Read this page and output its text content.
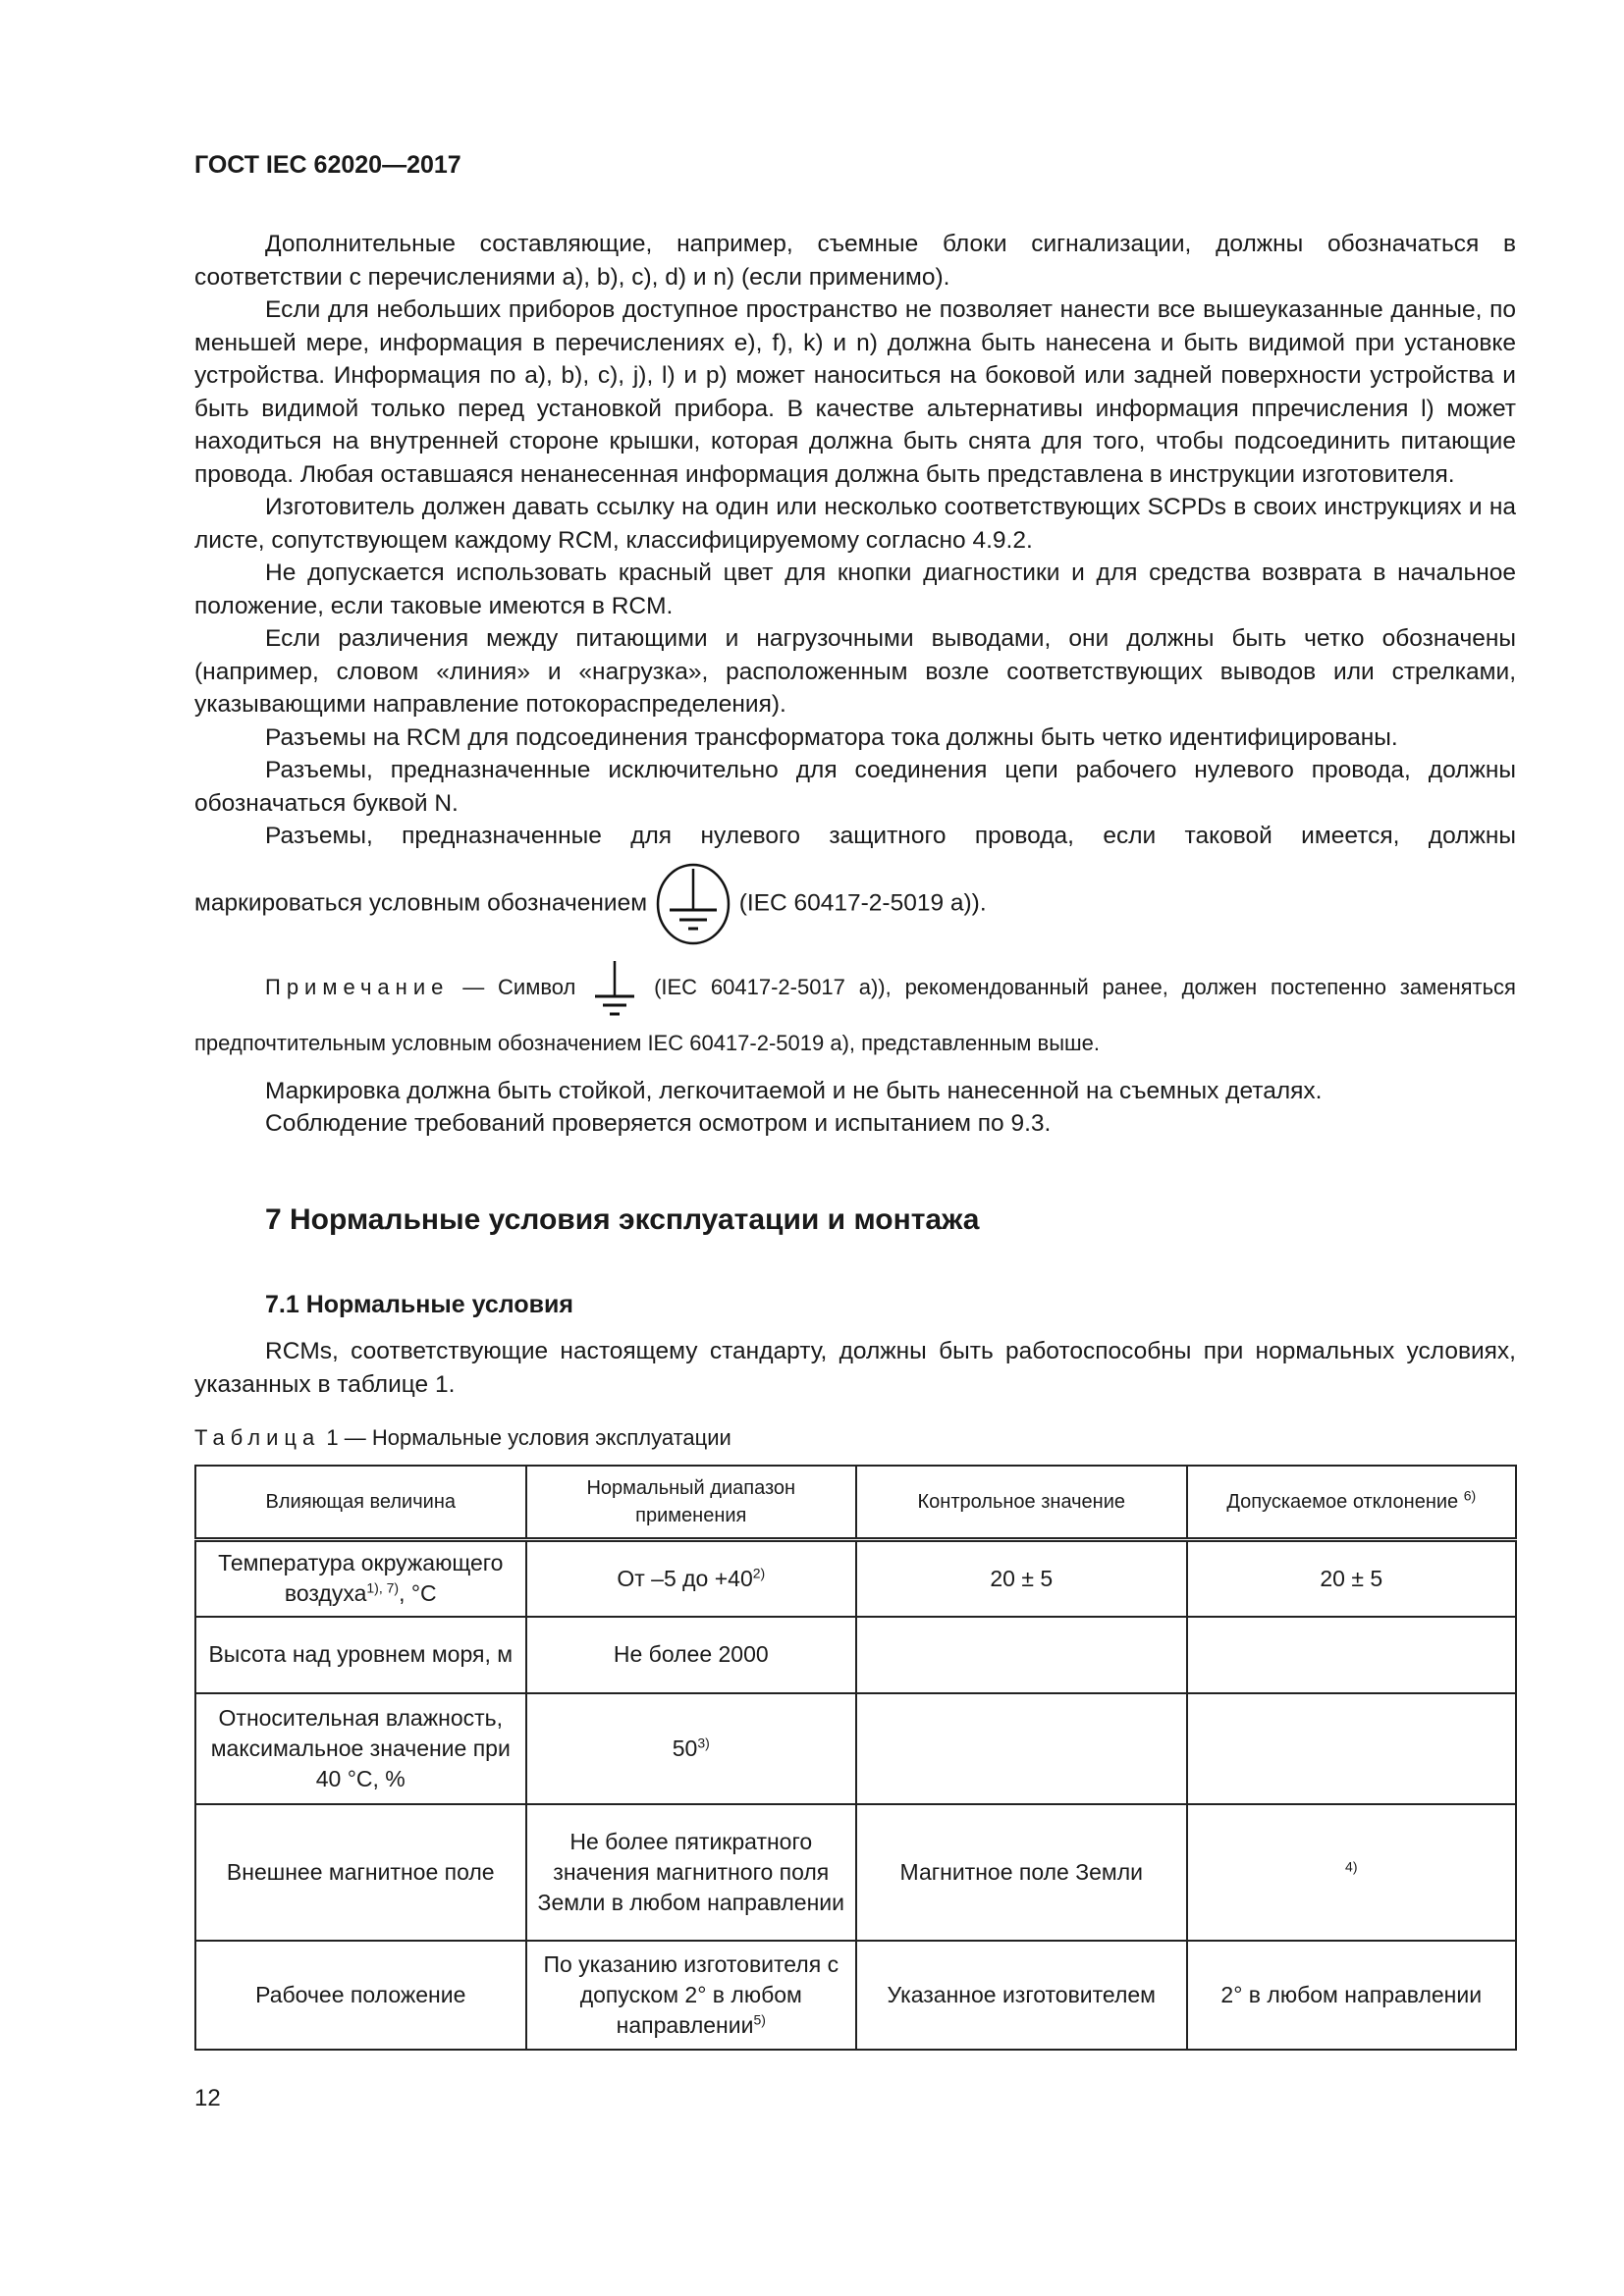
ГОСТ IEC 62020—2017

Дополнительные составляющие, например, съемные блоки сигнализации, должны обозначаться в соответствии с перечислениями a), b), c), d) и n) (если применимо).

Если для небольших приборов доступное пространство не позволяет нанести все вышеуказанные данные, по меньшей мере, информация в перечислениях e), f), k) и n) должна быть нанесена и быть видимой при установке устройства. Информация по a), b), c), j), l) и p) может наноситься на боковой или задней поверхности устройства и быть видимой только перед установкой прибора. В качестве альтернативы информация ппречисления l) может находиться на внутренней стороне крышки, которая должна быть снята для того, чтобы подсоединить питающие провода. Любая оставшаяся ненанесенная информация должна быть представлена в инструкции изготовителя.

Изготовитель должен давать ссылку на один или несколько соответствующих SCPDs в своих инструкциях и на листе, сопутствующем каждому RCM, классифицируемому согласно 4.9.2.

Не допускается использовать красный цвет для кнопки диагностики и для средства возврата в начальное положение, если таковые имеются в RCM.

Если различения между питающими и нагрузочными выводами, они должны быть четко обозначены (например, словом «линия» и «нагрузка», расположенным возле соответствующих выводов или стрелками, указывающими направление потокораспределения).

Разъемы на RCM для подсоединения трансформатора тока должны быть четко идентифицированы.

Разъемы, предназначенные исключительно для соединения цепи рабочего нулевого провода, должны обозначаться буквой N.

Разъемы, предназначенные для нулевого защитного провода, если таковой имеется, должны

маркироваться условным обозначением	(IEC 60417-2-5019 a)).

Примечание — Символ	(IEC 60417-2-5017 a)), рекомендованный ранее, должен постепенно заменяться предпочтительным условным обозначением IEC 60417-2-5019 a), представленным выше.

Маркировка должна быть стойкой, легкочитаемой и не быть нанесенной на съемных деталях.

Соблюдение требований проверяется осмотром и испытанием по 9.3.

7 Нормальные условия эксплуатации и монтажа
7.1 Нормальные условия

RCMs, соответствующие настоящему стандарту, должны быть работоспособны при нормальных условиях, указанных в таблице 1.

Таблица 1 — Нормальные условия эксплуатации
Влияющая величина	Нормальный диапазон применения	Контрольное значение	Допускаемое отклонение $^{6)}$
Температура окружающего воздуха$^{1), 7)}$, °C	От –5 до $+40^{2)}$	20 ± 5	20 ± 5
Высота над уровнем моря, м	Не более 2000		
Относительная влажность, максимальное значение при 40 °C, %	50$^{3)}$		
Внешнее магнитное поле	Не более пятикратного значения магнитного поля Земли в любом направлении	Магнитное поле Земли	$^{4)}$
Рабочее положение	По указанию изготовителя с допуском 2° в любом направлении$^{5)}$	Указанное изготовителем	2° в любом направлении
12
